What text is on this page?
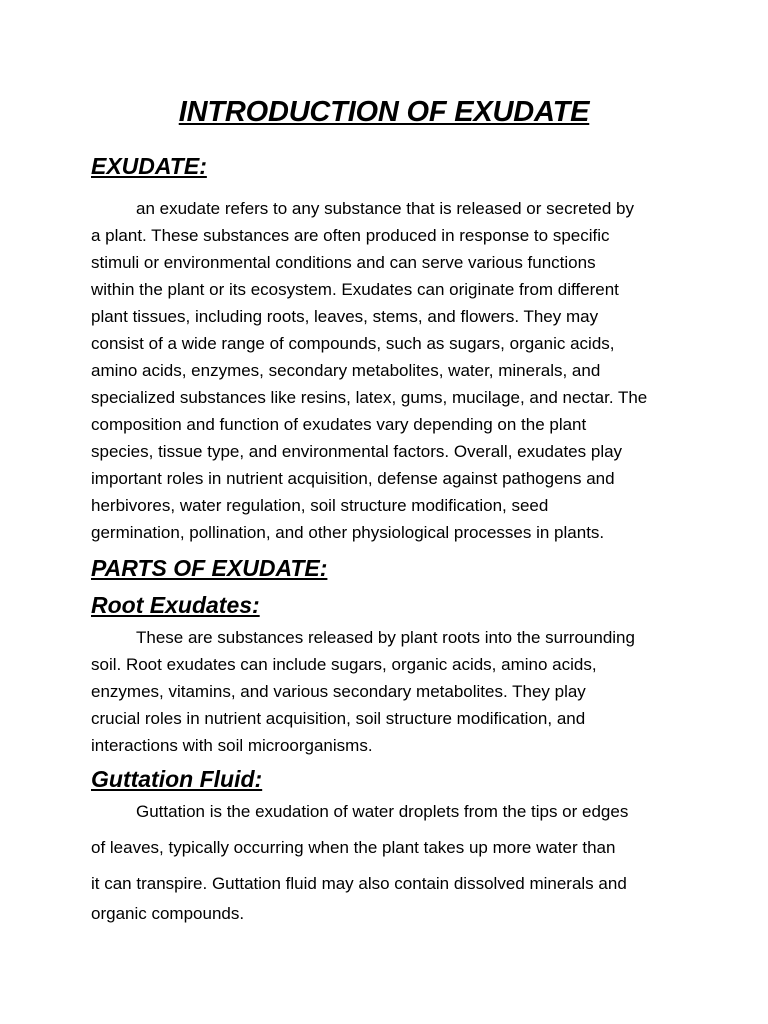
INTRODUCTION OF EXUDATE
EXUDATE:

an exudate refers to any substance that is released or secreted by

a plant. These substances are often produced in response to specific

stimuli or environmental conditions and can serve various functions

within the plant or its ecosystem. Exudates can originate from different

plant tissues, including roots, leaves, stems, and flowers. They may

consist of a wide range of compounds, such as sugars, organic acids,

amino acids, enzymes, secondary metabolites, water, minerals, and

specialized substances like resins, latex, gums, mucilage, and nectar. The

composition and function of exudates vary depending on the plant

species, tissue type, and environmental factors. Overall, exudates play

important roles in nutrient acquisition, defense against pathogens and

herbivores, water regulation, soil structure modification, seed

germination, pollination, and other physiological processes in plants.

PARTS OF EXUDATE:
Root Exudates:

These are substances released by plant roots into the surrounding

soil. Root exudates can include sugars, organic acids, amino acids,

enzymes, vitamins, and various secondary metabolites. They play

crucial roles in nutrient acquisition, soil structure modification, and

interactions with soil microorganisms.

Guttation Fluid:

Guttation is the exudation of water droplets from the tips or edges

of leaves, typically occurring when the plant takes up more water than

it can transpire. Guttation fluid may also contain dissolved minerals and

organic compounds.
